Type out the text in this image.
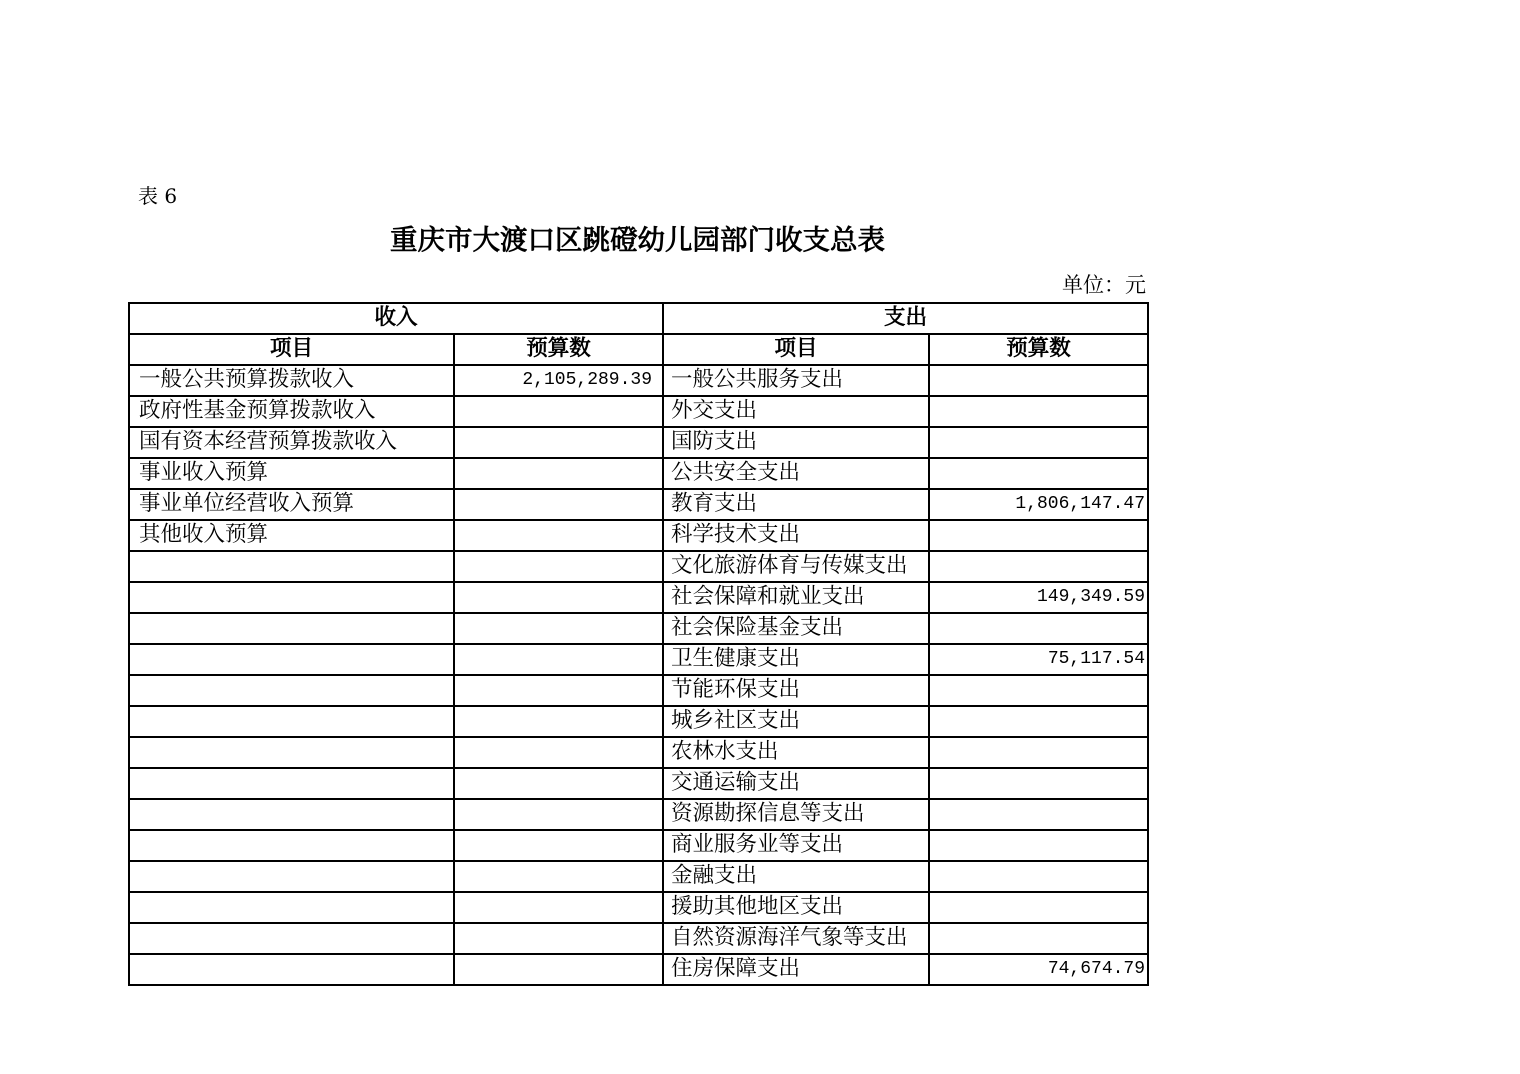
表 6
重庆市大渡口区跳磴幼儿园部门收支总表
单位：元
收入		支出	
项目	预算数	项目	预算数
一般公共预算拨款收入	2,105,289.39	一般公共服务支出	
政府性基金预算拨款收入		外交支出	
国有资本经营预算拨款收入		国防支出	
事业收入预算		公共安全支出	
事业单位经营收入预算		教育支出	1,806,147.47
其他收入预算		科学技术支出	
		文化旅游体育与传媒支出	
		社会保障和就业支出	149,349.59
		社会保险基金支出	
		卫生健康支出	75,117.54
		节能环保支出	
		城乡社区支出	
		农林水支出	
		交通运输支出	
		资源勘探信息等支出	
		商业服务业等支出	
		金融支出	
		援助其他地区支出	
		自然资源海洋气象等支出	
		住房保障支出	74,674.79
